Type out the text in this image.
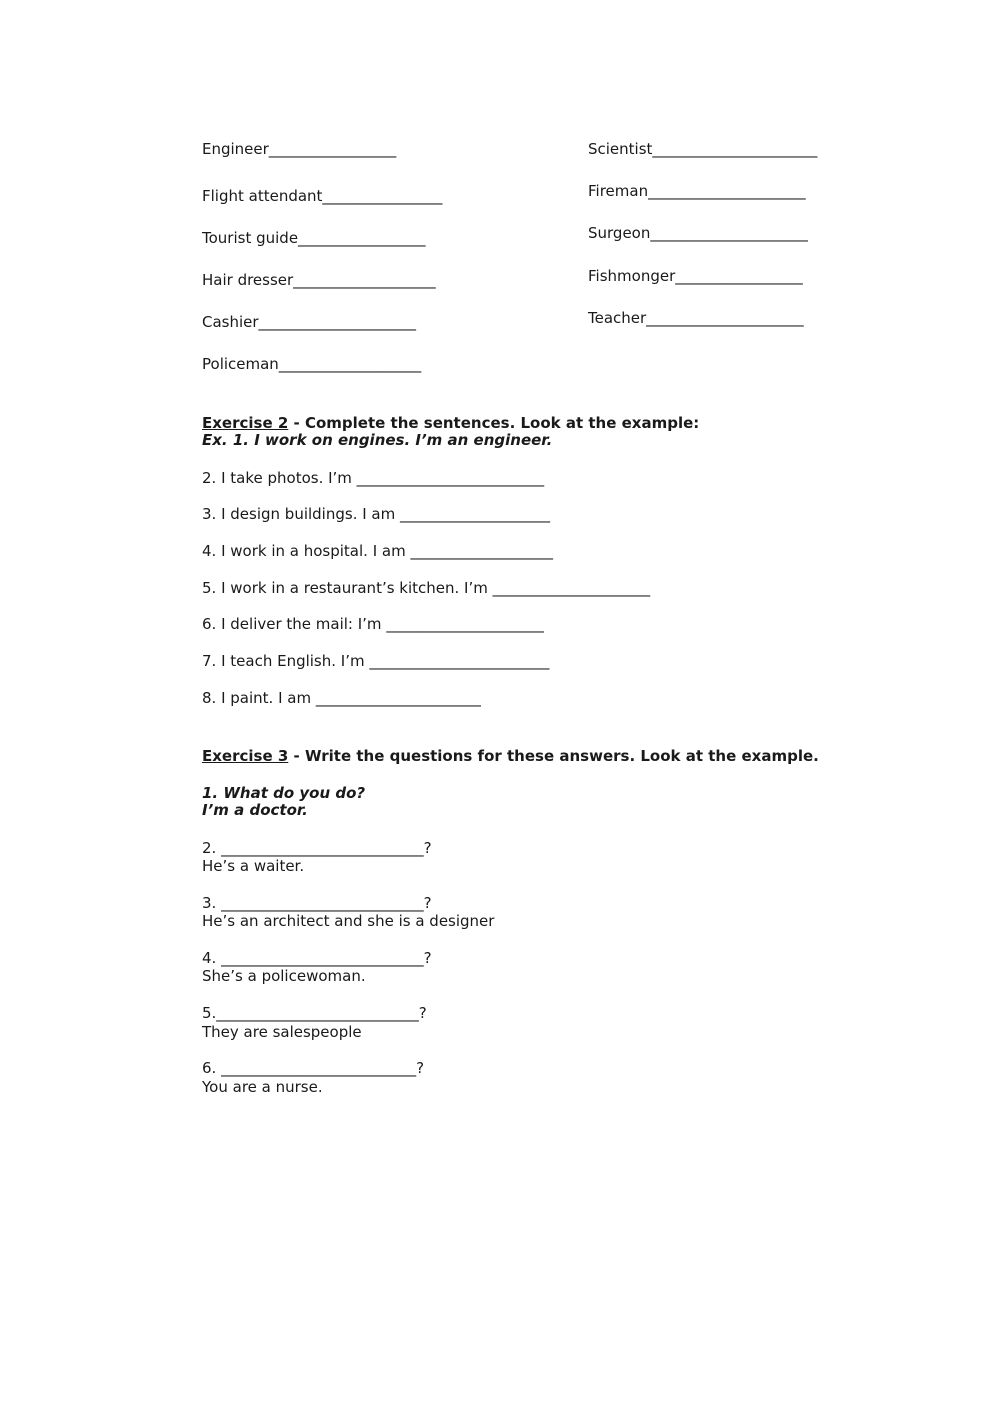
Engineer_________________
Flight attendant________________
Tourist guide_________________
Hair dresser___________________
Cashier_____________________
Policeman___________________
Scientist______________________
Fireman_____________________
Surgeon_____________________
Fishmonger_________________
Teacher_____________________
Exercise 2 - Complete the sentences. Look at the example:
Ex. 1. I work on engines. I’m an engineer.
2. I take photos. I’m _________________________
3. I design buildings. I am ____________________
4. I work in a hospital. I am ___________________
5. I work in a restaurant’s kitchen. I’m _____________________
6. I deliver the mail: I’m _____________________
7. I teach English. I’m ________________________
8. I paint. I am ______________________
Exercise 3 - Write the questions for these answers. Look at the example.
1. What do you do?
I’m a doctor.
2. ___________________________?
He’s a waiter.
3. ___________________________?
He’s an architect and she is a designer
4. ___________________________?
She’s a policewoman.
5.___________________________?
They are salespeople
6. __________________________?
You are a nurse.
